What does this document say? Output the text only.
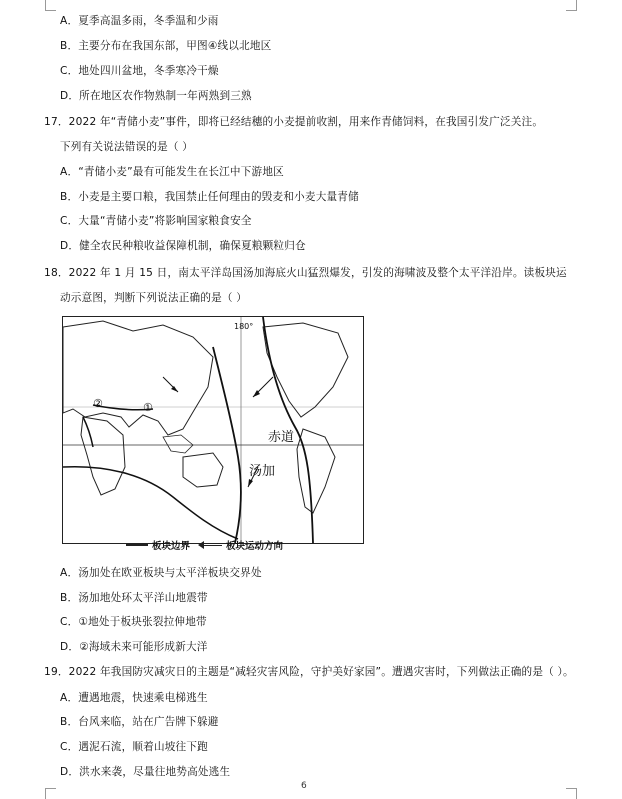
A．夏季高温多雨，冬季温和少雨
B．主要分布在我国东部，甲图④线以北地区
C．地处四川盆地，冬季寒冷干燥
D．所在地区农作物熟制一年两熟到三熟
17．2022 年“青储小麦”事件，即将已经结穗的小麦提前收割，用来作青储饲料，在我国引发广泛关注。
下列有关说法错误的是（ ）
A．“青储小麦”最有可能发生在长江中下游地区
B．小麦是主要口粮，我国禁止任何理由的毁麦和小麦大量青储
C．大量“青储小麦”将影响国家粮食安全
D．健全农民种粮收益保障机制，确保夏粮颗粒归仓
18．2022 年 1 月 15 日，南太平洋岛国汤加海底火山猛烈爆发，引发的海啸波及整个太平洋沿岸。读板块运
动示意图，判断下列说法正确的是（ ）
180°
赤道
汤加
①
②
板块边界	板块运动方向
A．汤加处在欧亚板块与太平洋板块交界处
B．汤加地处环太平洋山地震带
C．①地处于板块张裂拉伸地带
D．②海域未来可能形成新大洋
19．2022 年我国防灾减灾日的主题是“减轻灾害风险，守护美好家园”。遭遇灾害时，下列做法正确的是（ ）。
A．遭遇地震，快速乘电梯逃生
B．台风来临，站在广告牌下躲避
C．遇泥石流，顺着山坡往下跑
D．洪水来袭，尽量往地势高处逃生
6
